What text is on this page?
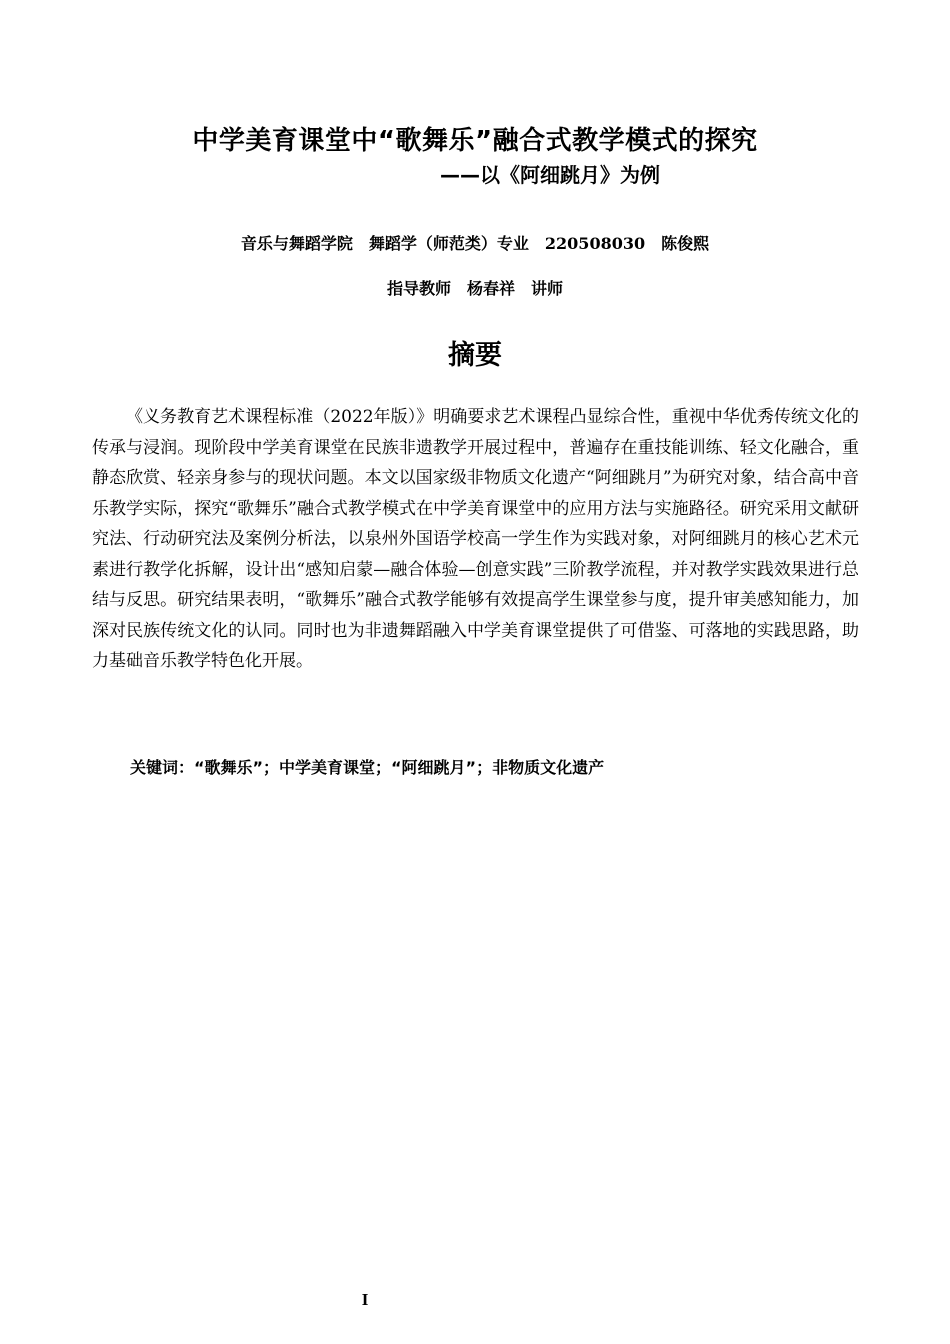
中学美育课堂中“歌舞乐”融合式教学模式的探究
——以《阿细跳月》为例
音乐与舞蹈学院 舞蹈学（师范类）专业 220508030 陈俊熙
指导教师 杨春祥 讲师
摘要

《义务教育艺术课程标准（2022年版）》明确要求艺术课程凸显综合性，重视中华优秀传统文化的传承与浸润。现阶段中学美育课堂在民族非遗教学开展过程中，普遍存在重技能训练、轻文化融合，重静态欣赏、轻亲身参与的现状问题。本文以国家级非物质文化遗产“阿细跳月”为研究对象，结合高中音乐教学实际，探究“歌舞乐”融合式教学模式在中学美育课堂中的应用方法与实施路径。研究采用文献研究法、行动研究法及案例分析法，以泉州外国语学校高一学生作为实践对象，对阿细跳月的核心艺术元素进行教学化拆解，设计出“感知启蒙—融合体验—创意实践”三阶教学流程，并对教学实践效果进行总结与反思。研究结果表明，“歌舞乐”融合式教学能够有效提高学生课堂参与度，提升审美感知能力，加深对民族传统文化的认同。同时也为非遗舞蹈融入中学美育课堂提供了可借鉴、可落地的实践思路，助力基础音乐教学特色化开展。

关键词：“歌舞乐”；中学美育课堂；“阿细跳月”；非物质文化遗产
I
